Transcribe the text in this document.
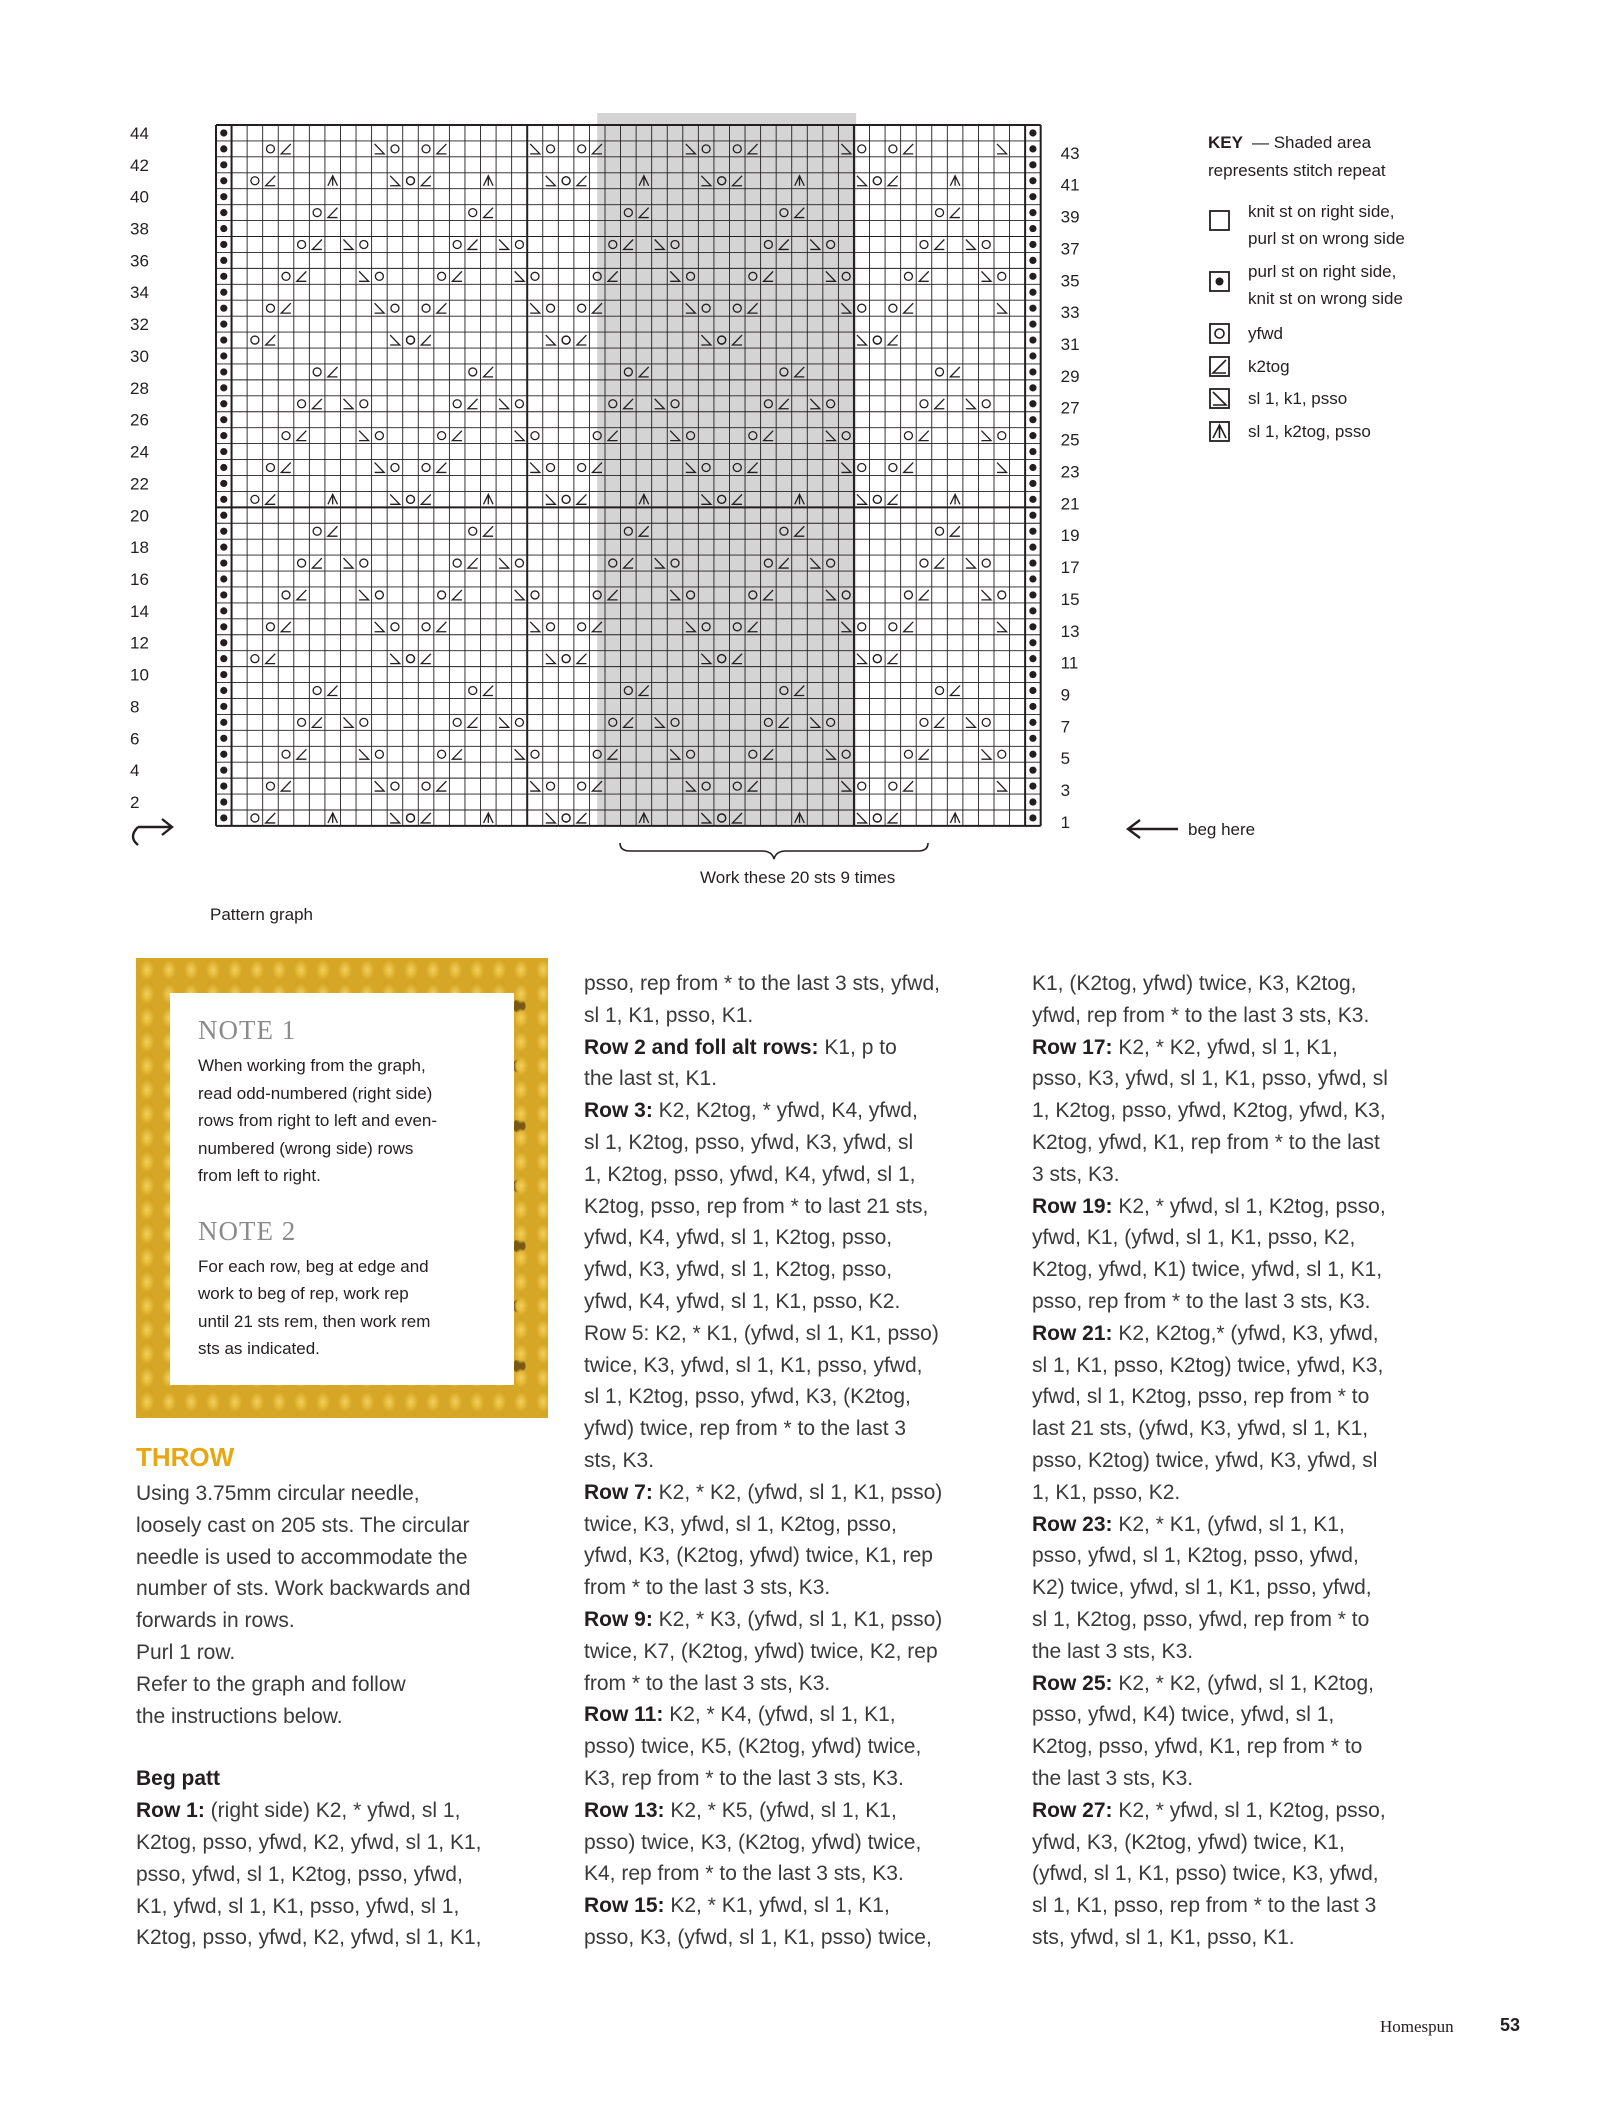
44
42
40
38
36
34
32
30
28
26
24
22
20
18
16
14
12
10
8
6
4
2
43
41
39
37
35
33
31
29
27
25
23
21
19
17
15
13
11
9
7
5
3
1	beg here
Work these 20 sts 9 times
Pattern graph
KEY — Shaded area
represents stitch repeat
knit st on right side,
purl st on wrong side
purl st on right side,
knit st on wrong side
yfwd
k2tog
sl 1, k1, psso
sl 1, k2tog, psso
NOTE 1
When working from the graph,
read odd-numbered (right side)
rows from right to left and even-
numbered (wrong side) rows
from left to right.
NOTE 2
For each row, beg at edge and
work to beg of rep, work rep
until 21 sts rem, then work rem
sts as indicated.
THROW

Using 3.75mm circular needle,

loosely cast on 205 sts. The circular

needle is used to accommodate the

number of sts. Work backwards and

forwards in rows.

Purl 1 row.

Refer to the graph and follow

the instructions below.

Beg patt

Row 1: (right side) K2, * yfwd, sl 1,

K2tog, psso, yfwd, K2, yfwd, sl 1, K1,

psso, yfwd, sl 1, K2tog, psso, yfwd,

K1, yfwd, sl 1, K1, psso, yfwd, sl 1,

K2tog, psso, yfwd, K2, yfwd, sl 1, K1,

psso, rep from * to the last 3 sts, yfwd,

sl 1, K1, psso, K1.

Row 2 and foll alt rows: K1, p to

the last st, K1.

Row 3: K2, K2tog, * yfwd, K4, yfwd,

sl 1, K2tog, psso, yfwd, K3, yfwd, sl

1, K2tog, psso, yfwd, K4, yfwd, sl 1,

K2tog, psso, rep from * to last 21 sts,

yfwd, K4, yfwd, sl 1, K2tog, psso,

yfwd, K3, yfwd, sl 1, K2tog, psso,

yfwd, K4, yfwd, sl 1, K1, psso, K2.

Row 5: K2, * K1, (yfwd, sl 1, K1, psso)

twice, K3, yfwd, sl 1, K1, psso, yfwd,

sl 1, K2tog, psso, yfwd, K3, (K2tog,

yfwd) twice, rep from * to the last 3

sts, K3.

Row 7: K2, * K2, (yfwd, sl 1, K1, psso)

twice, K3, yfwd, sl 1, K2tog, psso,

yfwd, K3, (K2tog, yfwd) twice, K1, rep

from * to the last 3 sts, K3.

Row 9: K2, * K3, (yfwd, sl 1, K1, psso)

twice, K7, (K2tog, yfwd) twice, K2, rep

from * to the last 3 sts, K3.

Row 11: K2, * K4, (yfwd, sl 1, K1,

psso) twice, K5, (K2tog, yfwd) twice,

K3, rep from * to the last 3 sts, K3.

Row 13: K2, * K5, (yfwd, sl 1, K1,

psso) twice, K3, (K2tog, yfwd) twice,

K4, rep from * to the last 3 sts, K3.

Row 15: K2, * K1, yfwd, sl 1, K1,

psso, K3, (yfwd, sl 1, K1, psso) twice,

K1, (K2tog, yfwd) twice, K3, K2tog,

yfwd, rep from * to the last 3 sts, K3.

Row 17: K2, * K2, yfwd, sl 1, K1,

psso, K3, yfwd, sl 1, K1, psso, yfwd, sl

1, K2tog, psso, yfwd, K2tog, yfwd, K3,

K2tog, yfwd, K1, rep from * to the last

3 sts, K3.

Row 19: K2, * yfwd, sl 1, K2tog, psso,

yfwd, K1, (yfwd, sl 1, K1, psso, K2,

K2tog, yfwd, K1) twice, yfwd, sl 1, K1,

psso, rep from * to the last 3 sts, K3.

Row 21: K2, K2tog,* (yfwd, K3, yfwd,

sl 1, K1, psso, K2tog) twice, yfwd, K3,

yfwd, sl 1, K2tog, psso, rep from * to

last 21 sts, (yfwd, K3, yfwd, sl 1, K1,

psso, K2tog) twice, yfwd, K3, yfwd, sl

1, K1, psso, K2.

Row 23: K2, * K1, (yfwd, sl 1, K1,

psso, yfwd, sl 1, K2tog, psso, yfwd,

K2) twice, yfwd, sl 1, K1, psso, yfwd,

sl 1, K2tog, psso, yfwd, rep from * to

the last 3 sts, K3.

Row 25: K2, * K2, (yfwd, sl 1, K2tog,

psso, yfwd, K4) twice, yfwd, sl 1,

K2tog, psso, yfwd, K1, rep from * to

the last 3 sts, K3.

Row 27: K2, * yfwd, sl 1, K2tog, psso,

yfwd, K3, (K2tog, yfwd) twice, K1,

(yfwd, sl 1, K1, psso) twice, K3, yfwd,

sl 1, K1, psso, rep from * to the last 3

sts, yfwd, sl 1, K1, psso, K1.

Homespun	53
